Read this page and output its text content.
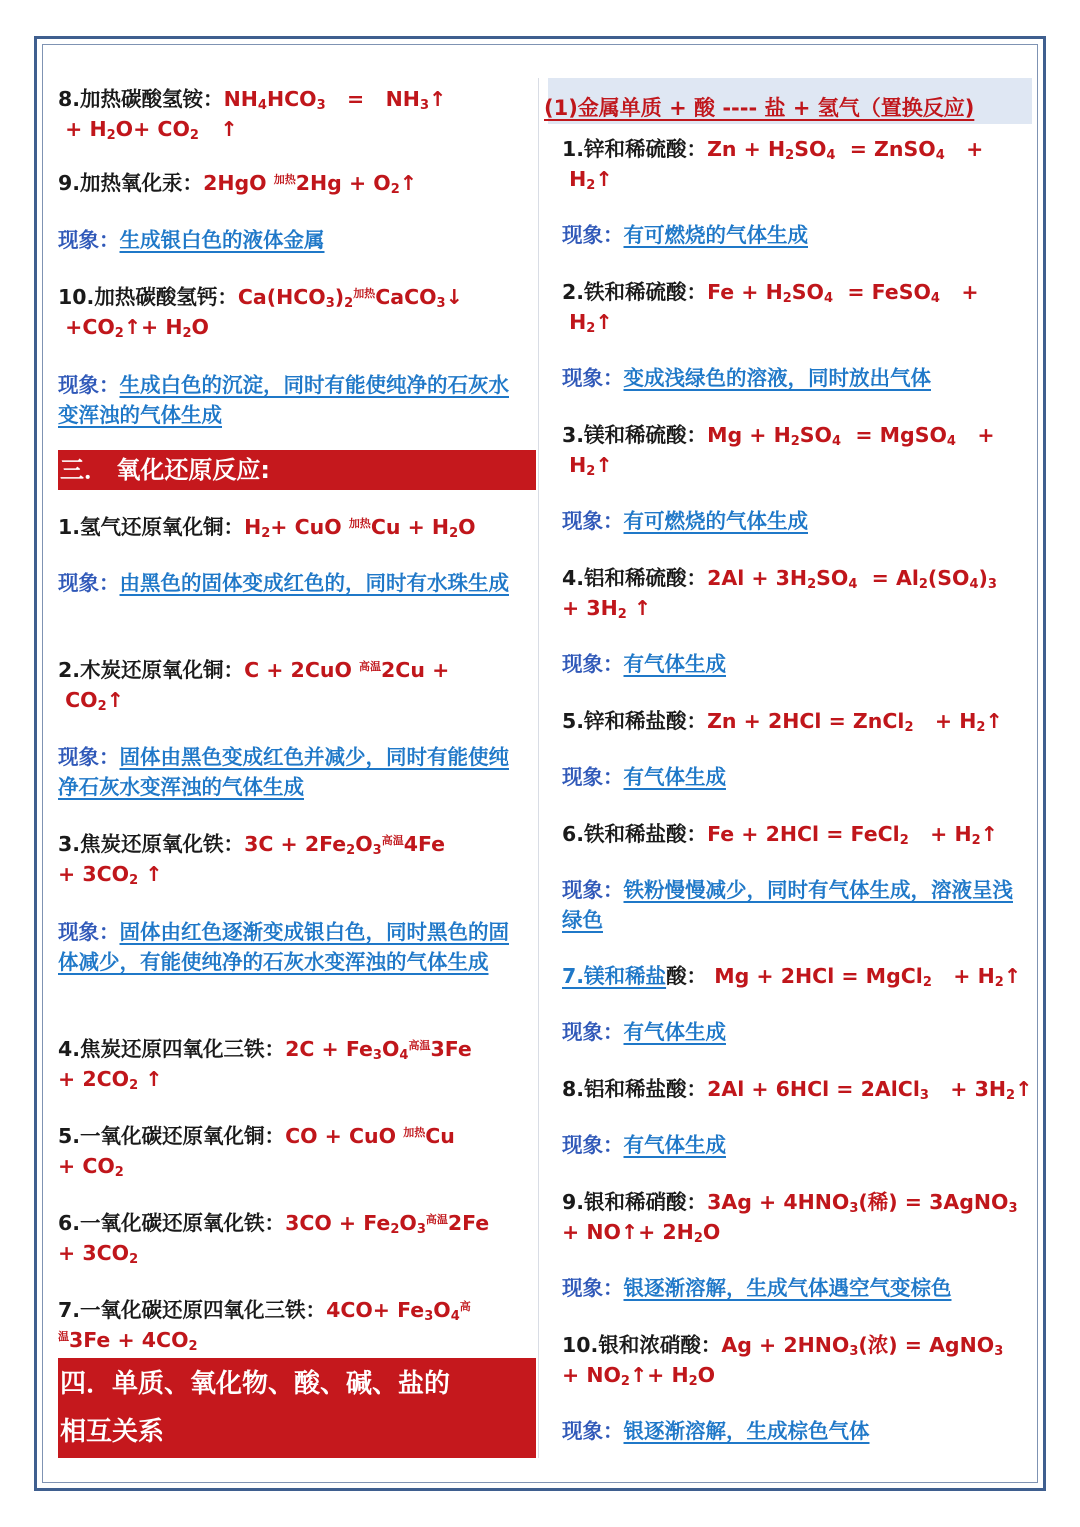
8.加热碳酸氢铵：$NH_4HCO_3$   =   $NH_3↑$
+ $H_2O+ CO_2$   ↑
9.加热氧化汞：2HgO $^{加热}2Hg + O_2↑$
现象：生成银白色的液体金属
10.加热碳酸氢钙：$Ca(HCO_3)_2^{加热}CaCO_3↓$
$+CO_2↑+ H_2O$
现象：生成白色的沉淀，同时有能使纯净的石灰水变浑浊的气体生成
三． 氧化还原反应:
1.氢气还原氧化铜：$H_2+$ CuO $^{加热}Cu + H_2O$
现象：由黑色的固体变成红色的，同时有水珠生成
2.木炭还原氧化铜：C + 2CuO $^{高温}$2Cu +
$CO_2↑$
现象：固体由黑色变成红色并减少，同时有能使纯净石灰水变浑浊的气体生成
3.焦炭还原氧化铁：$3C + 2Fe_2O_3^{高温}4Fe$
+ $3CO_2$ ↑
现象：固体由红色逐渐变成银白色，同时黑色的固体减少，有能使纯净的石灰水变浑浊的气体生成
4.焦炭还原四氧化三铁：$2C + Fe_3O_4^{高温}3Fe$
+ $2CO_2$ ↑
5.一氧化碳还原氧化铜：CO + CuO $^{加热}$Cu
+ $CO_2$
6.一氧化碳还原氧化铁：$3CO + Fe_2O_3^{高温}2Fe$
+ $3CO_2$
7.一氧化碳还原四氧化三铁：$4CO+ Fe_3O_4^高$
$^温3Fe + 4CO_2$
四．单质、氧化物、酸、碱、盐的
相互关系
(1)金属单质 + 酸 ---- 盐 + 氢气（置换反应)
1.锌和稀硫酸：$Zn + H_2SO_4$  = ZnSO$_4$   +
$H_2↑$
现象：有可燃烧的气体生成
2.铁和稀硫酸：$Fe + H_2SO_4$  = FeSO$_4$   +
$H_2↑$
现象：变成浅绿色的溶液，同时放出气体
3.镁和稀硫酸：$Mg + H_2SO_4$  = MgSO$_4$   +
$H_2↑$
现象：有可燃烧的气体生成
4.铝和稀硫酸：$2Al + 3H_2SO_4 = Al_2(SO_4)_3$
+ $3H_2$ ↑
现象：有气体生成
5.锌和稀盐酸：Zn + 2HCl = ZnCl$_2$   + $H_2↑$
现象：有气体生成
6.铁和稀盐酸：Fe + 2HCl = FeCl$_2$   + $H_2↑$
现象：铁粉慢慢减少，同时有气体生成，溶液呈浅绿色
7.镁和稀盐酸： Mg + 2HCl = MgCl$_2$   + $H_2↑$
现象：有气体生成
8.铝和稀盐酸：2Al + 6HCl = 2AlCl$_3$   + $3H_2↑$
现象：有气体生成
9.银和稀硝酸：$3Ag + 4HNO_3$(稀) = 3AgNO$_3$
+ NO↑+ $2H_2O$
现象：银逐渐溶解，生成气体遇空气变棕色
10.银和浓硝酸：$Ag + 2HNO_3$(浓) = AgNO$_3$
+ $NO_2↑+ H_2O$
现象：银逐渐溶解，生成棕色气体
